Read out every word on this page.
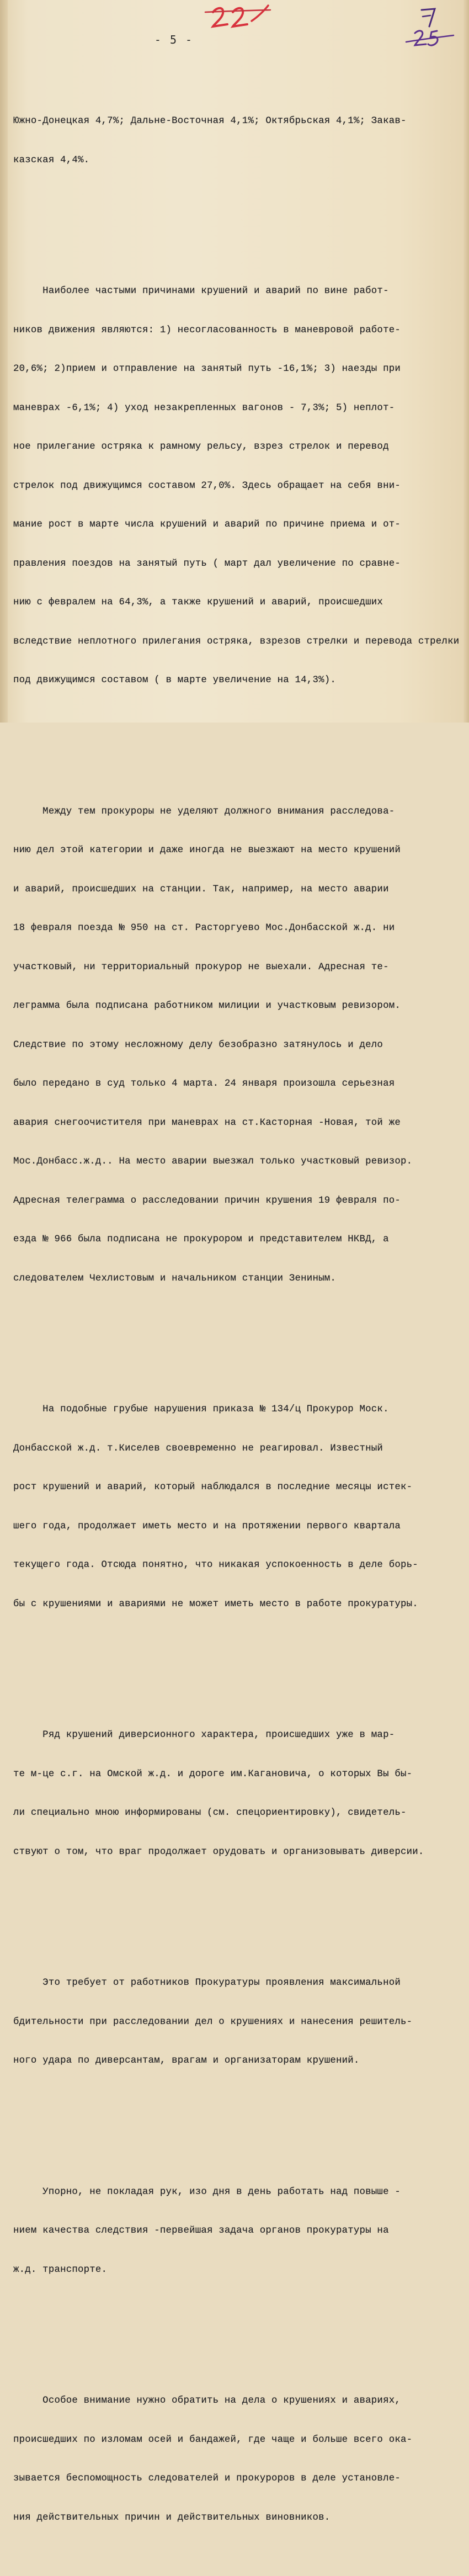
- 5 -

Южно-Донецкая 4,7%; Дальне-Восточная 4,1%; Октябрьская 4,1%; Закав-

казская 4,4%.

Наиболее частыми причинами крушений и аварий по вине работ-

ников движения являются: 1) несогласованность в маневровой работе-

20,6%; 2)прием и отправление на занятый путь -16,1%; 3) наезды при

маневрах -6,1%; 4) уход незакрепленных вагонов - 7,3%; 5) неплот-

ное прилегание остряка к рамному рельсу, взрез стрелок и перевод

стрелок под движущимся составом 27,0%. Здесь обращает на себя вни-

мание рост в марте числа крушений и аварий по причине приема и от-

правления поездов на занятый путь ( март дал увеличение по сравне-

нию с февралем на 64,3%, а также крушений и аварий, происшедших

вследствие неплотного прилегания остряка, взрезов стрелки и перевода стрелки

под движущимся составом ( в марте увеличение на 14,3%).

Между тем прокуроры не уделяют должного внимания расследова-

нию дел этой категории и даже иногда не выезжают на место крушений

и аварий, происшедших на станции. Так, например, на место аварии

18 февраля поезда № 950 на ст. Расторгуево Мос.Донбасской ж.д. ни

участковый, ни территориальный прокурор не выехали. Адресная те-

леграмма была подписана работником милиции и участковым ревизором.

Следствие по этому несложному делу безобразно затянулось и дело

было передано в суд только 4 марта. 24 января произошла серьезная

авария снегоочистителя при маневрах на ст.Касторная -Новая, той же

Мос.Донбасс.ж.д.. На место аварии выезжал только участковый ревизор.

Адресная телеграмма о расследовании причин крушения 19 февраля по-

езда № 966 была подписана не прокурором и представителем НКВД, а

следователем Чехлистовым и начальником станции Зениным.

На подобные грубые нарушения приказа № 134/ц Прокурор Моск.

Донбасской ж.д. т.Киселев своевременно не реагировал. Известный

рост крушений и аварий, который наблюдался в последние месяцы истек-

шего года, продолжает иметь место и на протяжении первого квартала

текущего года. Отсюда понятно, что никакая успокоенность в деле борь-

бы с крушениями и авариями не может иметь место в работе прокуратуры.

Ряд крушений диверсионного характера, происшедших уже в мар-

те м-це с.г. на Омской ж.д. и дороге им.Кагановича, о которых Вы бы-

ли специально мною информированы (см. спецориентировку), свидетель-

ствуют о том, что враг продолжает орудовать и организовывать диверсии.

Это требует от работников Прокуратуры проявления максимальной

бдительности при расследовании дел о крушениях и нанесения решитель-

ного удара по диверсантам, врагам и организаторам крушений.

Упорно, не покладая рук, изо дня в день работать над повыше -

нием качества следствия -первейшая задача органов прокуратуры на

ж.д. транспорте.

Особое внимание нужно обратить на дела о крушениях и авариях,

происшедших по изломам осей и бандажей, где чаще и больше всего ока-

зывается беспомощность следователей и прокуроров в деле установле-

ния действительных причин и действительных виновников.
